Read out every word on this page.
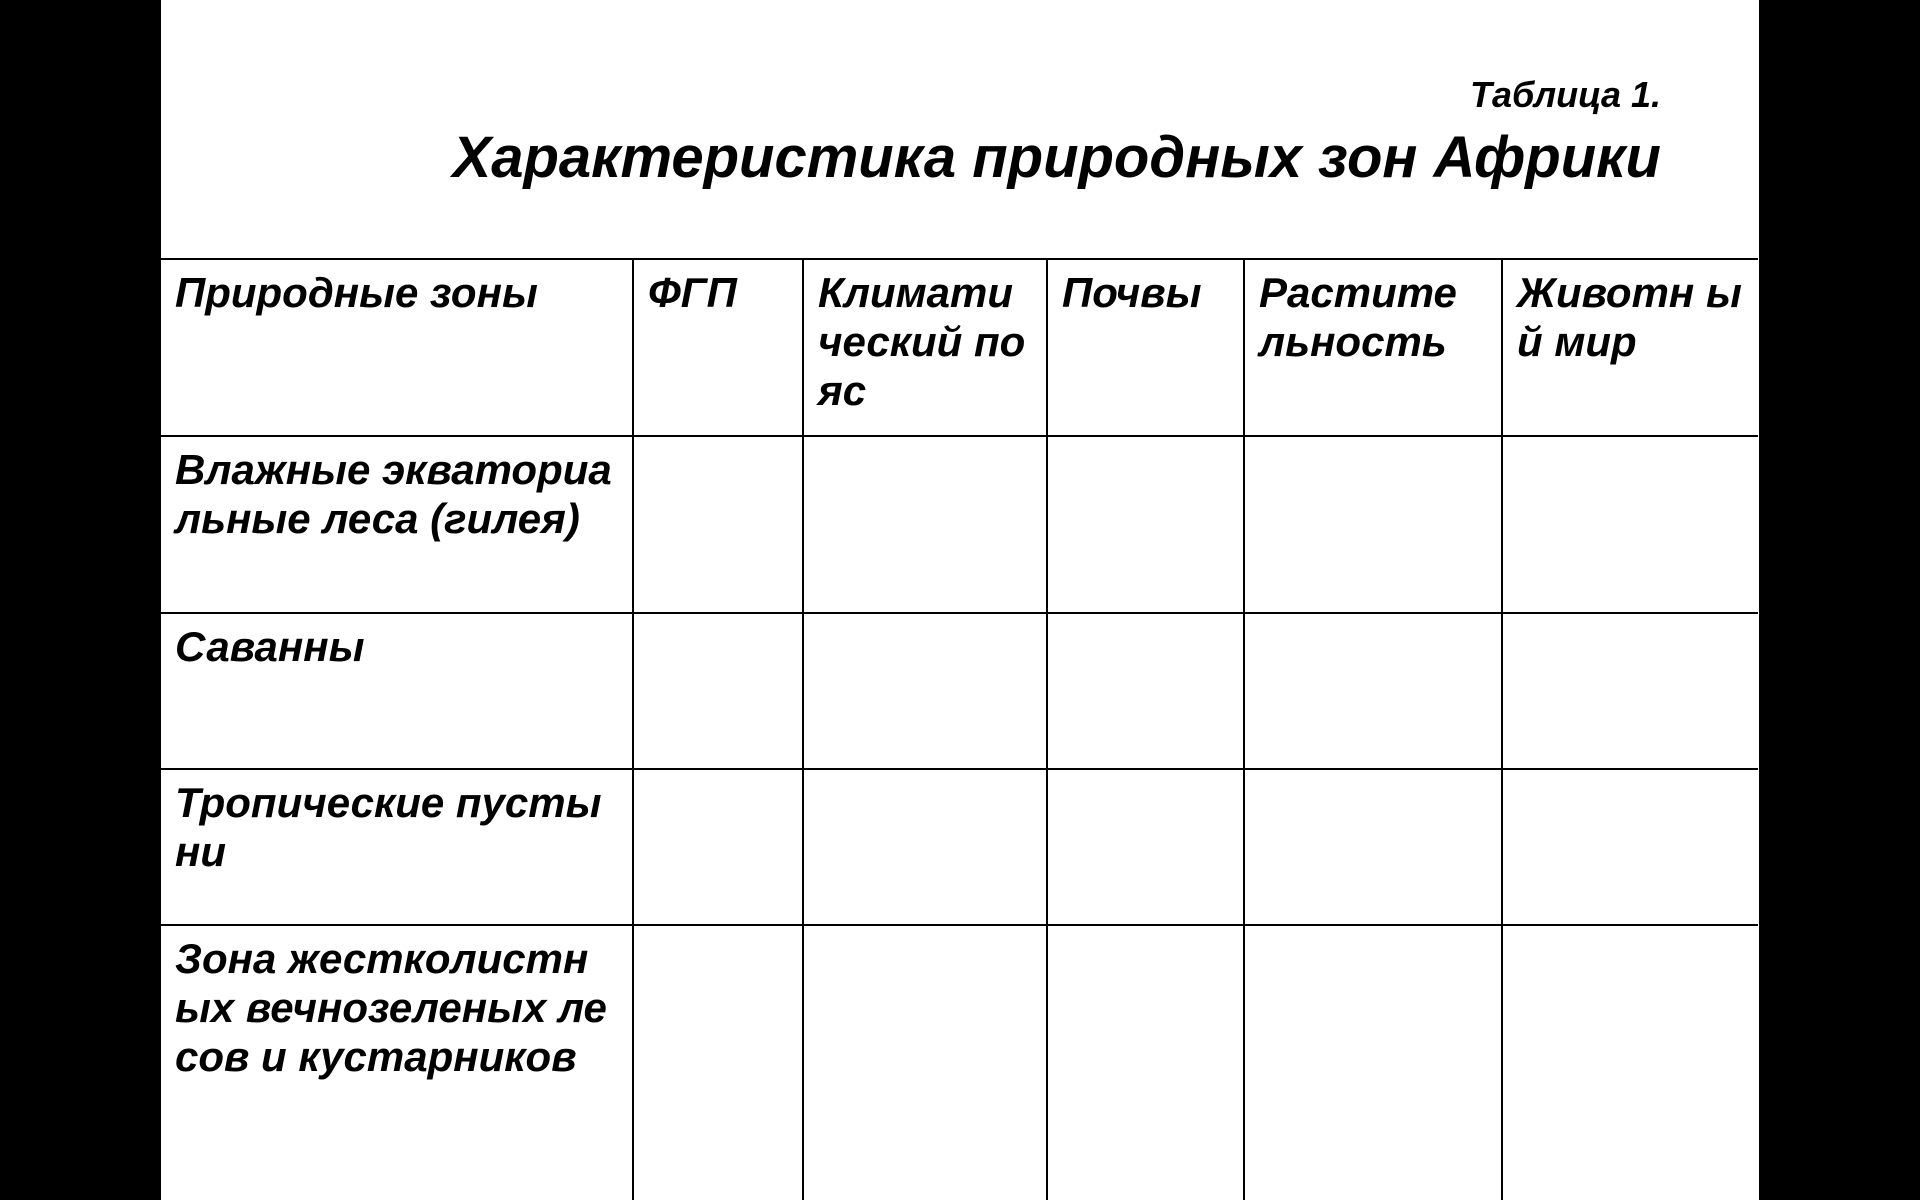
Таблица 1.

Характеристика природных зон Африки
Природные зоны	ФГП	Климати ческий пояс	Почвы	Растите льность	Животн ый мир

Влажные экваториальные леса (гилея)					

Саванны					

Тропические пустыни					

Зона жестколистных вечнозеленых лесов и кустарников					
